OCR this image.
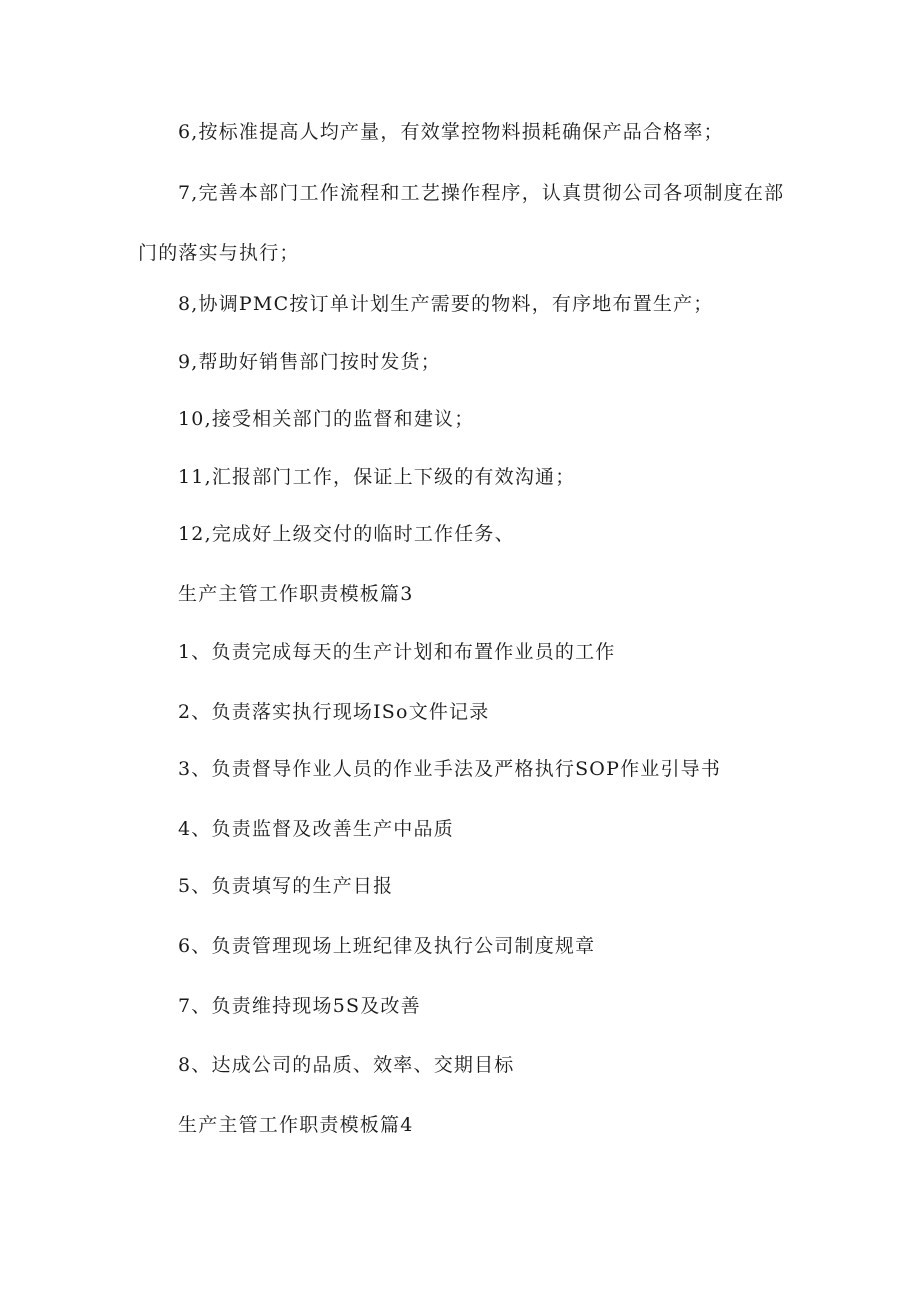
6,按标准提高人均产量，有效掌控物料损耗确保产品合格率；
7,完善本部门工作流程和工艺操作程序，认真贯彻公司各项制度在部门的落实与执行；
8,协调PMC按订单计划生产需要的物料，有序地布置生产；
9,帮助好销售部门按时发货；
10,接受相关部门的监督和建议；
11,汇报部门工作，保证上下级的有效沟通；
12,完成好上级交付的临时工作任务、
生产主管工作职责模板篇3
1、负责完成每天的生产计划和布置作业员的工作
2、负责落实执行现场ISo文件记录
3、负责督导作业人员的作业手法及严格执行SOP作业引导书
4、负责监督及改善生产中品质
5、负责填写的生产日报
6、负责管理现场上班纪律及执行公司制度规章
7、负责维持现场5S及改善
8、达成公司的品质、效率、交期目标
生产主管工作职责模板篇4
